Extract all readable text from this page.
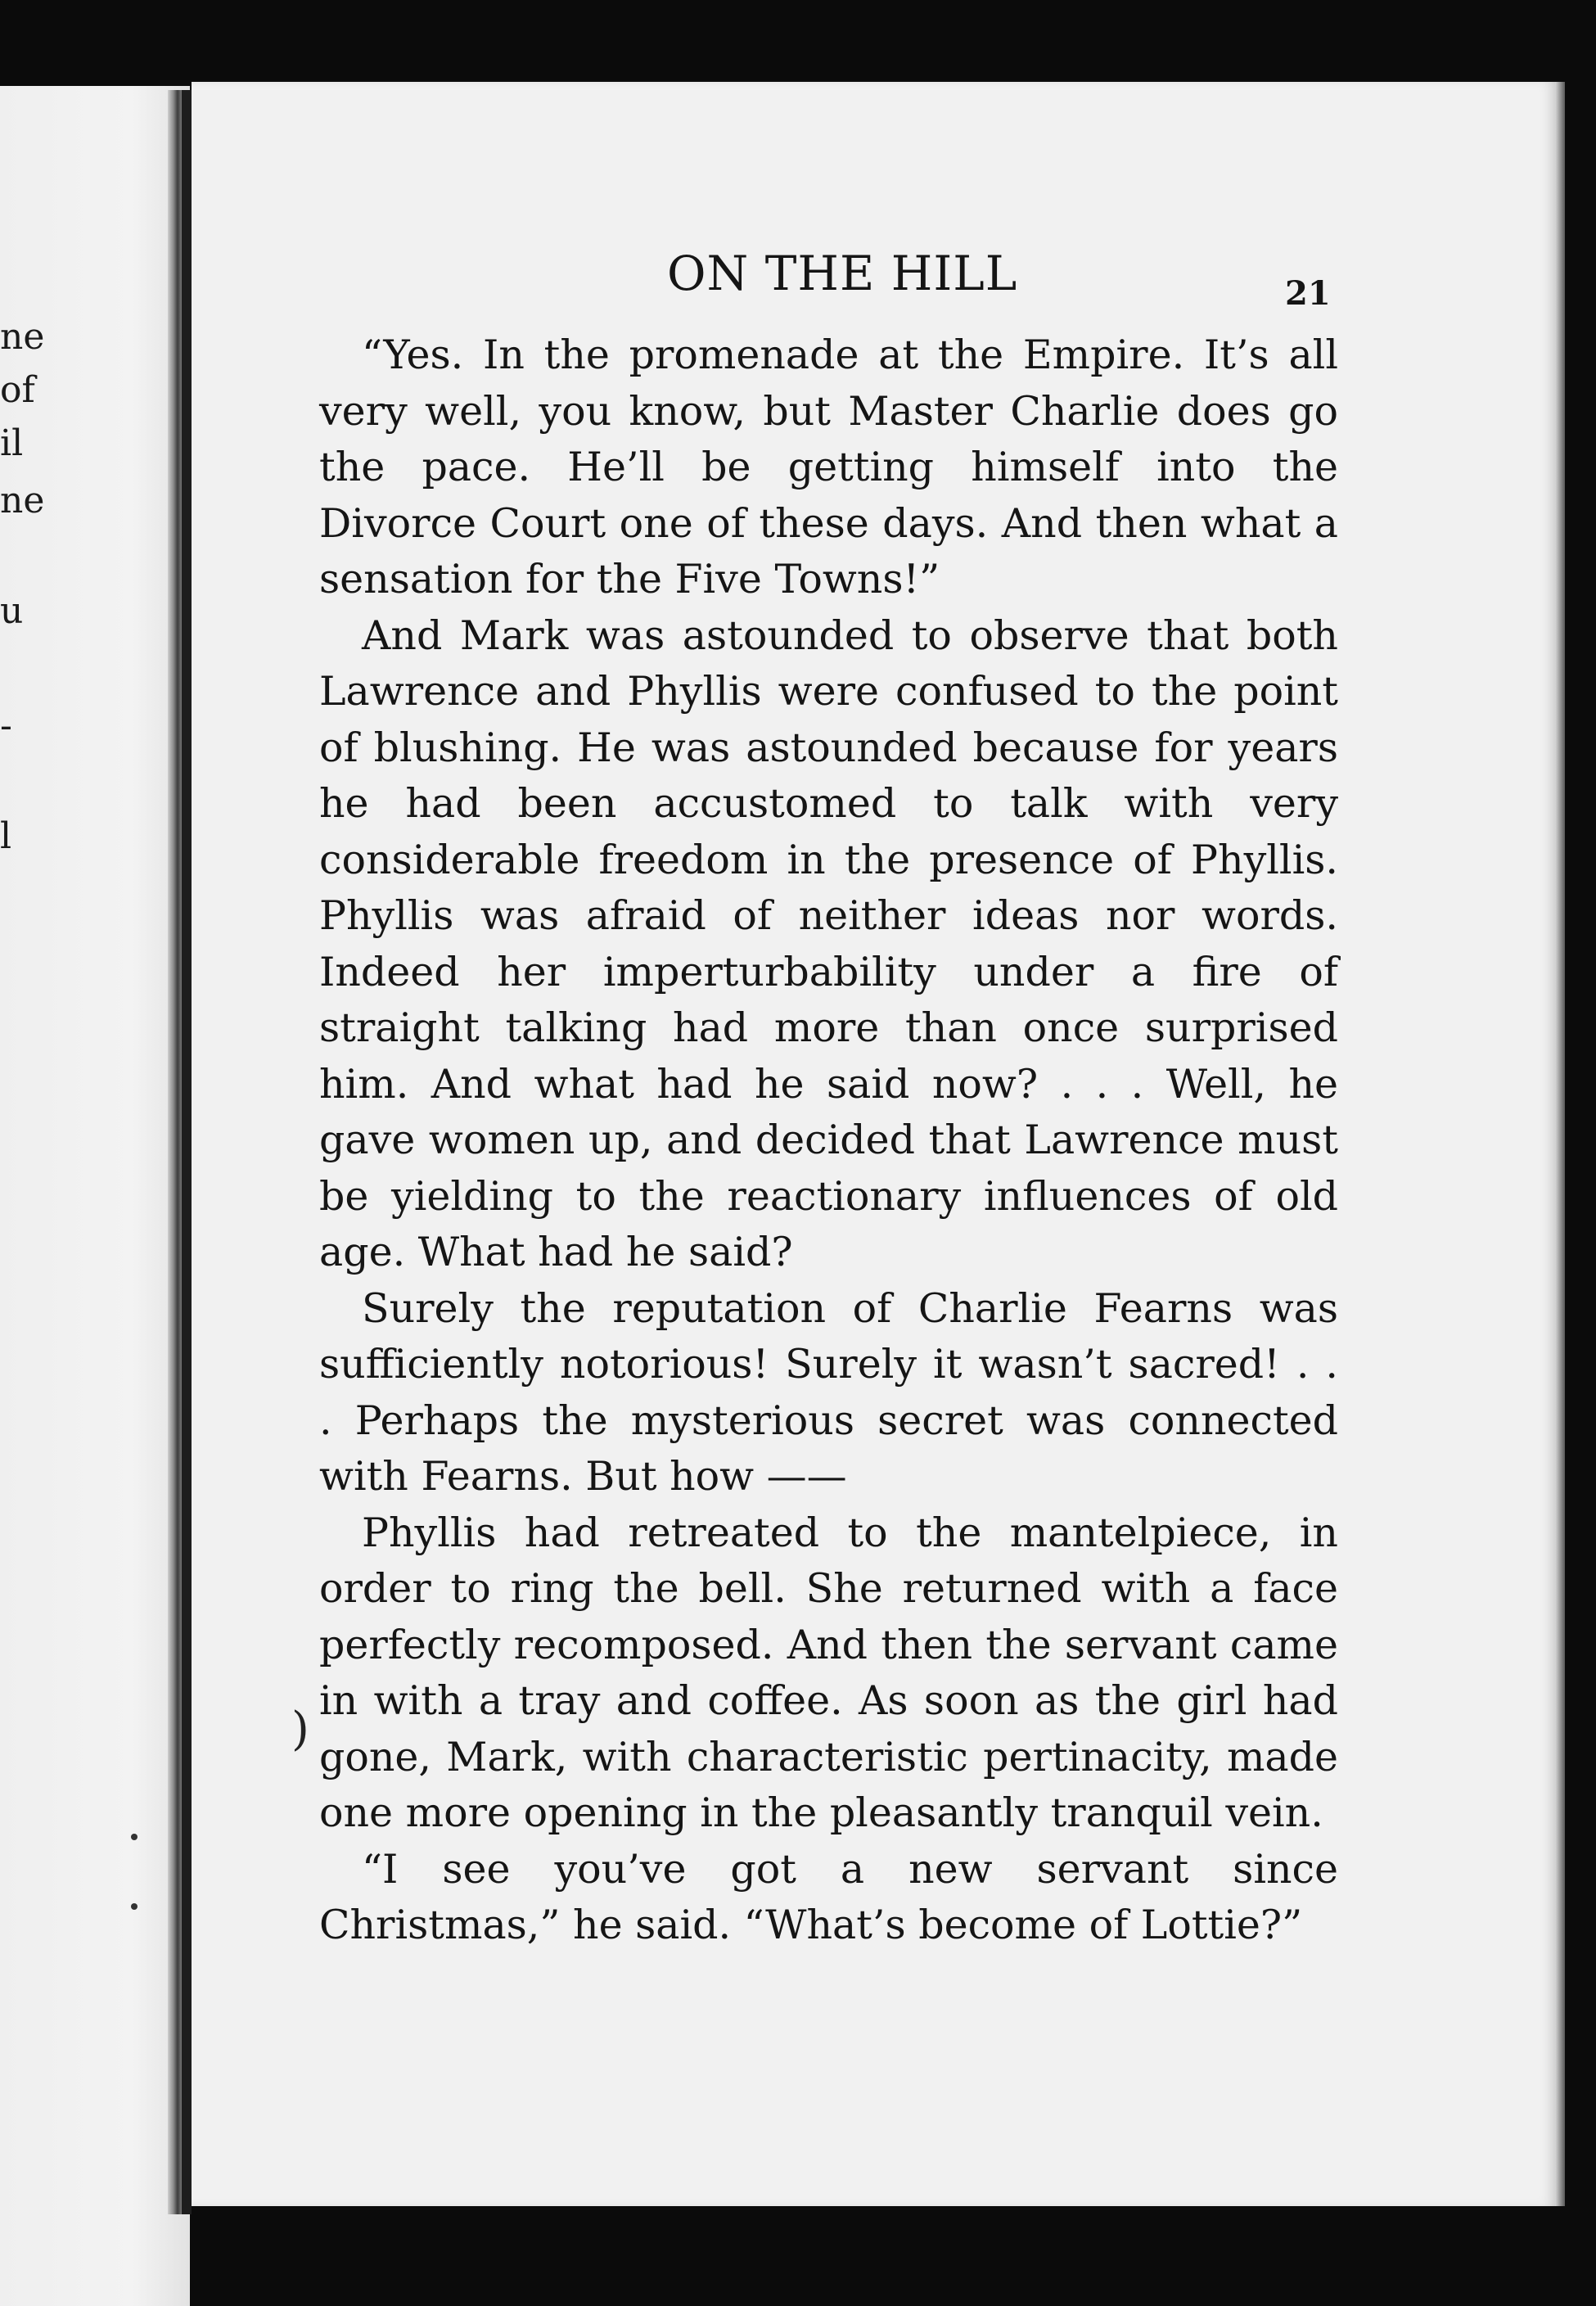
ne
of
il
ne
u
-
l
ON THE HILL	21

“Yes. In the promenade at the Empire. It’s all very well, you know, but Master Charlie does go the pace. He’ll be getting himself into the Divorce Court one of these days. And then what a sensation for the Five Towns!”

And Mark was astounded to observe that both Lawrence and Phyllis were confused to the point of blushing. He was astounded because for years he had been accustomed to talk with very considerable freedom in the presence of Phyllis. Phyllis was afraid of neither ideas nor words. Indeed her imperturbability under a fire of straight talking had more than once surprised him. And what had he said now? . . . Well, he gave women up, and decided that Lawrence must be yielding to the reactionary influences of old age. What had he said?

Surely the reputation of Charlie Fearns was sufficiently notorious! Surely it wasn’t sacred! . . . Perhaps the mysterious secret was connected with Fearns. But how ——

Phyllis had retreated to the mantelpiece, in order to ring the bell. She returned with a face perfectly recomposed. And then the servant came in with a tray and coffee. As soon as the girl had gone, Mark, with characteristic pertinacity, made one more opening in the pleasantly tranquil vein.

“I see you’ve got a new servant since Christmas,” he said. “What’s become of Lottie?”

)
